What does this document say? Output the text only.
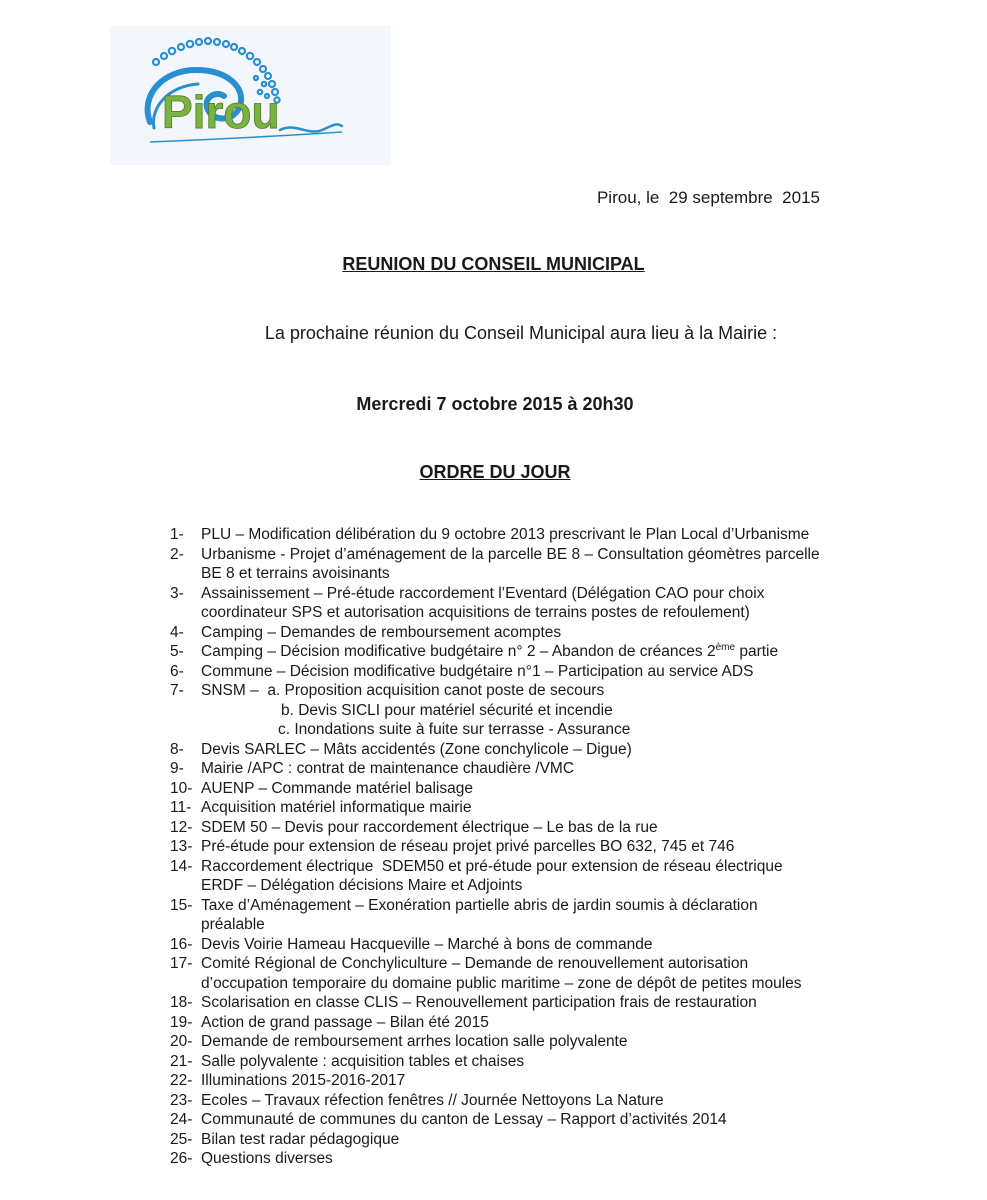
Pirou
Pirou, le  29 septembre  2015
REUNION DU CONSEIL MUNICIPAL
La prochaine réunion du Conseil Municipal aura lieu à la Mairie :
Mercredi 7 octobre 2015 à 20h30
ORDRE DU JOUR
1-	PLU – Modification délibération du 9 octobre 2013 prescrivant le Plan Local d’Urbanisme
2-	Urbanisme - Projet d’aménagement de la parcelle BE 8 – Consultation géomètres parcelle
BE 8 et terrains avoisinants
3-	Assainissement – Pré-étude raccordement l’Eventard (Délégation CAO pour choix
coordinateur SPS et autorisation acquisitions de terrains postes de refoulement)
4-	Camping – Demandes de remboursement acomptes
5-	Camping – Décision modificative budgétaire n° 2 – Abandon de créances 2ème partie
6-	Commune – Décision modificative budgétaire n°1 – Participation au service ADS
7-	SNSM –  a. Proposition acquisition canot poste de secours
b. Devis SICLI pour matériel sécurité et incendie
c. Inondations suite à fuite sur terrasse - Assurance
8-	Devis SARLEC – Mâts accidentés (Zone conchylicole – Digue)
9-	Mairie /APC : contrat de maintenance chaudière /VMC
10- AUENP – Commande matériel balisage
11- Acquisition matériel informatique mairie
12- SDEM 50 – Devis pour raccordement électrique – Le bas de la rue
13- Pré-étude pour extension de réseau projet privé parcelles BO 632, 745 et 746
14- Raccordement électrique  SDEM50 et pré-étude pour extension de réseau électrique
ERDF – Délégation décisions Maire et Adjoints
15- Taxe d’Aménagement – Exonération partielle abris de jardin soumis à déclaration
préalable
16- Devis Voirie Hameau Hacqueville – Marché à bons de commande
17- Comité Régional de Conchyliculture – Demande de renouvellement autorisation
d’occupation temporaire du domaine public maritime – zone de dépôt de petites moules
18- Scolarisation en classe CLIS – Renouvellement participation frais de restauration
19- Action de grand passage – Bilan été 2015
20- Demande de remboursement arrhes location salle polyvalente
21- Salle polyvalente : acquisition tables et chaises
22- Illuminations 2015-2016-2017
23- Ecoles – Travaux réfection fenêtres // Journée Nettoyons La Nature
24- Communauté de communes du canton de Lessay – Rapport d’activités 2014
25- Bilan test radar pédagogique
26- Questions diverses
